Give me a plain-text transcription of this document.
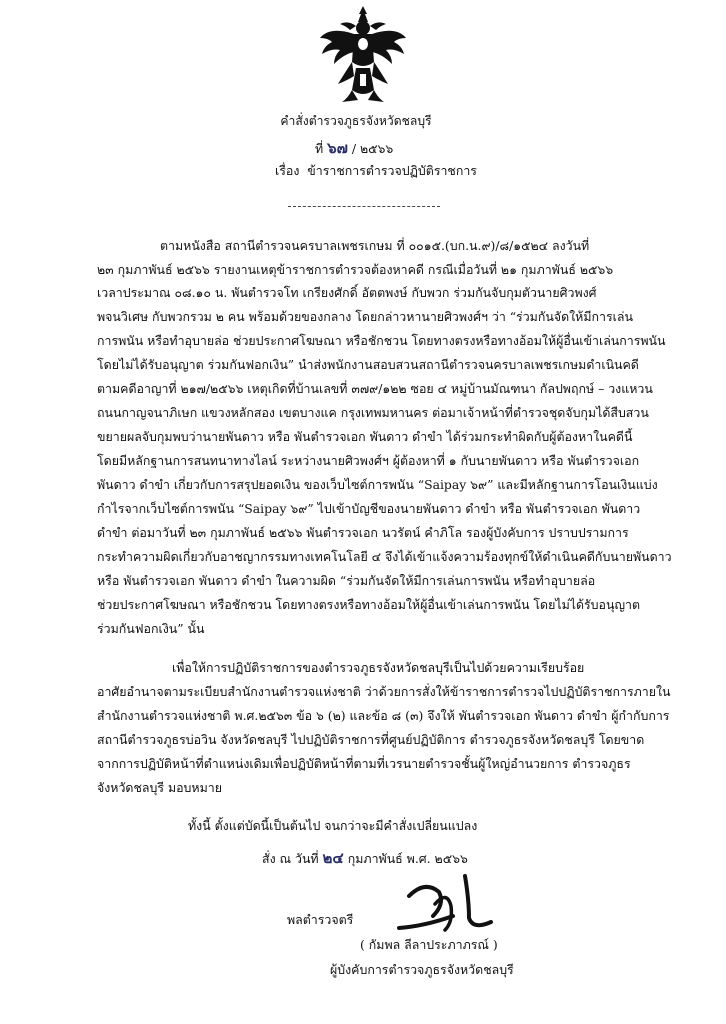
คำสั่งตำรวจภูธรจังหวัดชลบุรี

ที่ ๖๗ / ๒๕๖๖

เรื่อง ข้าราชการตำรวจปฏิบัติราชการ

ตามหนังสือ สถานีตำรวจนครบาลเพชรเกษม ที่ ๐๐๑๕.(บก.น.๙)/๘/๑๕๒๔ ลงวันที่

๒๓ กุมภาพันธ์ ๒๕๖๖ รายงานเหตุข้าราชการตำรวจต้องหาคดี กรณีเมื่อวันที่ ๒๑ กุมภาพันธ์ ๒๕๖๖

เวลาประมาณ ๐๘.๑๐ น. พันตำรวจโท เกรียงศักดิ์ อัตตพงษ์ กับพวก ร่วมกันจับกุมตัวนายศิวพงศ์

พจนวิเศษ กับพวกรวม ๒ คน พร้อมด้วยของกลาง โดยกล่าวหานายศิวพงศ์ฯ ว่า “ร่วมกันจัดให้มีการเล่น

การพนัน หรือทำอุบายล่อ ช่วยประกาศโฆษณา หรือชักชวน โดยทางตรงหรือทางอ้อมให้ผู้อื่นเข้าเล่นการพนัน

โดยไม่ได้รับอนุญาต ร่วมกันฟอกเงิน” นำส่งพนักงานสอบสวนสถานีตำรวจนครบาลเพชรเกษมดำเนินคดี

ตามคดีอาญาที่ ๒๑๗/๒๕๖๖ เหตุเกิดที่บ้านเลขที่ ๓๗๙/๑๒๒ ซอย ๔ หมู่บ้านมัณฑนา กัลปพฤกษ์ – วงแหวน

ถนนกาญจนาภิเษก แขวงหลักสอง เขตบางแค กรุงเทพมหานคร ต่อมาเจ้าหน้าที่ตำรวจชุดจับกุมได้สืบสวน

ขยายผลจับกุมพบว่านายพันดาว หรือ พันตำรวจเอก พันดาว ดำขำ ได้ร่วมกระทำผิดกับผู้ต้องหาในคดีนี้

โดยมีหลักฐานการสนทนาทางไลน์ ระหว่างนายศิวพงศ์ฯ ผู้ต้องหาที่ ๑ กับนายพันดาว หรือ พันตำรวจเอก

พันดาว ดำขำ เกี่ยวกับการสรุปยอดเงิน ของเว็บไซต์การพนัน “Saipay ๖๙” และมีหลักฐานการโอนเงินแบ่ง

กำไรจากเว็บไซต์การพนัน “Saipay ๖๙” ไปเข้าบัญชีของนายพันดาว ดำขำ หรือ พันตำรวจเอก พันดาว

ดำขำ ต่อมาวันที่ ๒๓ กุมภาพันธ์ ๒๕๖๖ พันตำรวจเอก นวรัตน์ คำภิโล รองผู้บังคับการ ปราบปรามการ

กระทำความผิดเกี่ยวกับอาชญากรรมทางเทคโนโลยี ๔ จึงได้เข้าแจ้งความร้องทุกข์ให้ดำเนินคดีกับนายพันดาว

หรือ พันตำรวจเอก พันดาว ดำขำ ในความผิด “ร่วมกันจัดให้มีการเล่นการพนัน หรือทำอุบายล่อ

ช่วยประกาศโฆษณา หรือชักชวน โดยทางตรงหรือทางอ้อมให้ผู้อื่นเข้าเล่นการพนัน โดยไม่ได้รับอนุญาต

ร่วมกันฟอกเงิน” นั้น

เพื่อให้การปฏิบัติราชการของตำรวจภูธรจังหวัดชลบุรีเป็นไปด้วยความเรียบร้อย

อาศัยอำนาจตามระเบียบสำนักงานตำรวจแห่งชาติ ว่าด้วยการสั่งให้ข้าราชการตำรวจไปปฏิบัติราชการภายใน

สำนักงานตำรวจแห่งชาติ พ.ศ.๒๕๖๓ ข้อ ๖ (๒) และข้อ ๘ (๓) จึงให้ พันตำรวจเอก พันดาว ดำขำ ผู้กำกับการ

สถานีตำรวจภูธรบ่อวิน จังหวัดชลบุรี ไปปฏิบัติราชการที่ศูนย์ปฏิบัติการ ตำรวจภูธรจังหวัดชลบุรี โดยขาด

จากการปฏิบัติหน้าที่ตำแหน่งเดิมเพื่อปฏิบัติหน้าที่ตามที่เวรนายตำรวจชั้นผู้ใหญ่อำนวยการ ตำรวจภูธร

จังหวัดชลบุรี มอบหมาย

ทั้งนี้ ตั้งแต่บัดนี้เป็นต้นไป จนกว่าจะมีคำสั่งเปลี่ยนแปลง

สั่ง ณ วันที่ ๒๔ กุมภาพันธ์ พ.ศ. ๒๕๖๖

พลตำรวจตรี

( กัมพล ลีลาประภาภรณ์ )

ผู้บังคับการตำรวจภูธรจังหวัดชลบุรี
